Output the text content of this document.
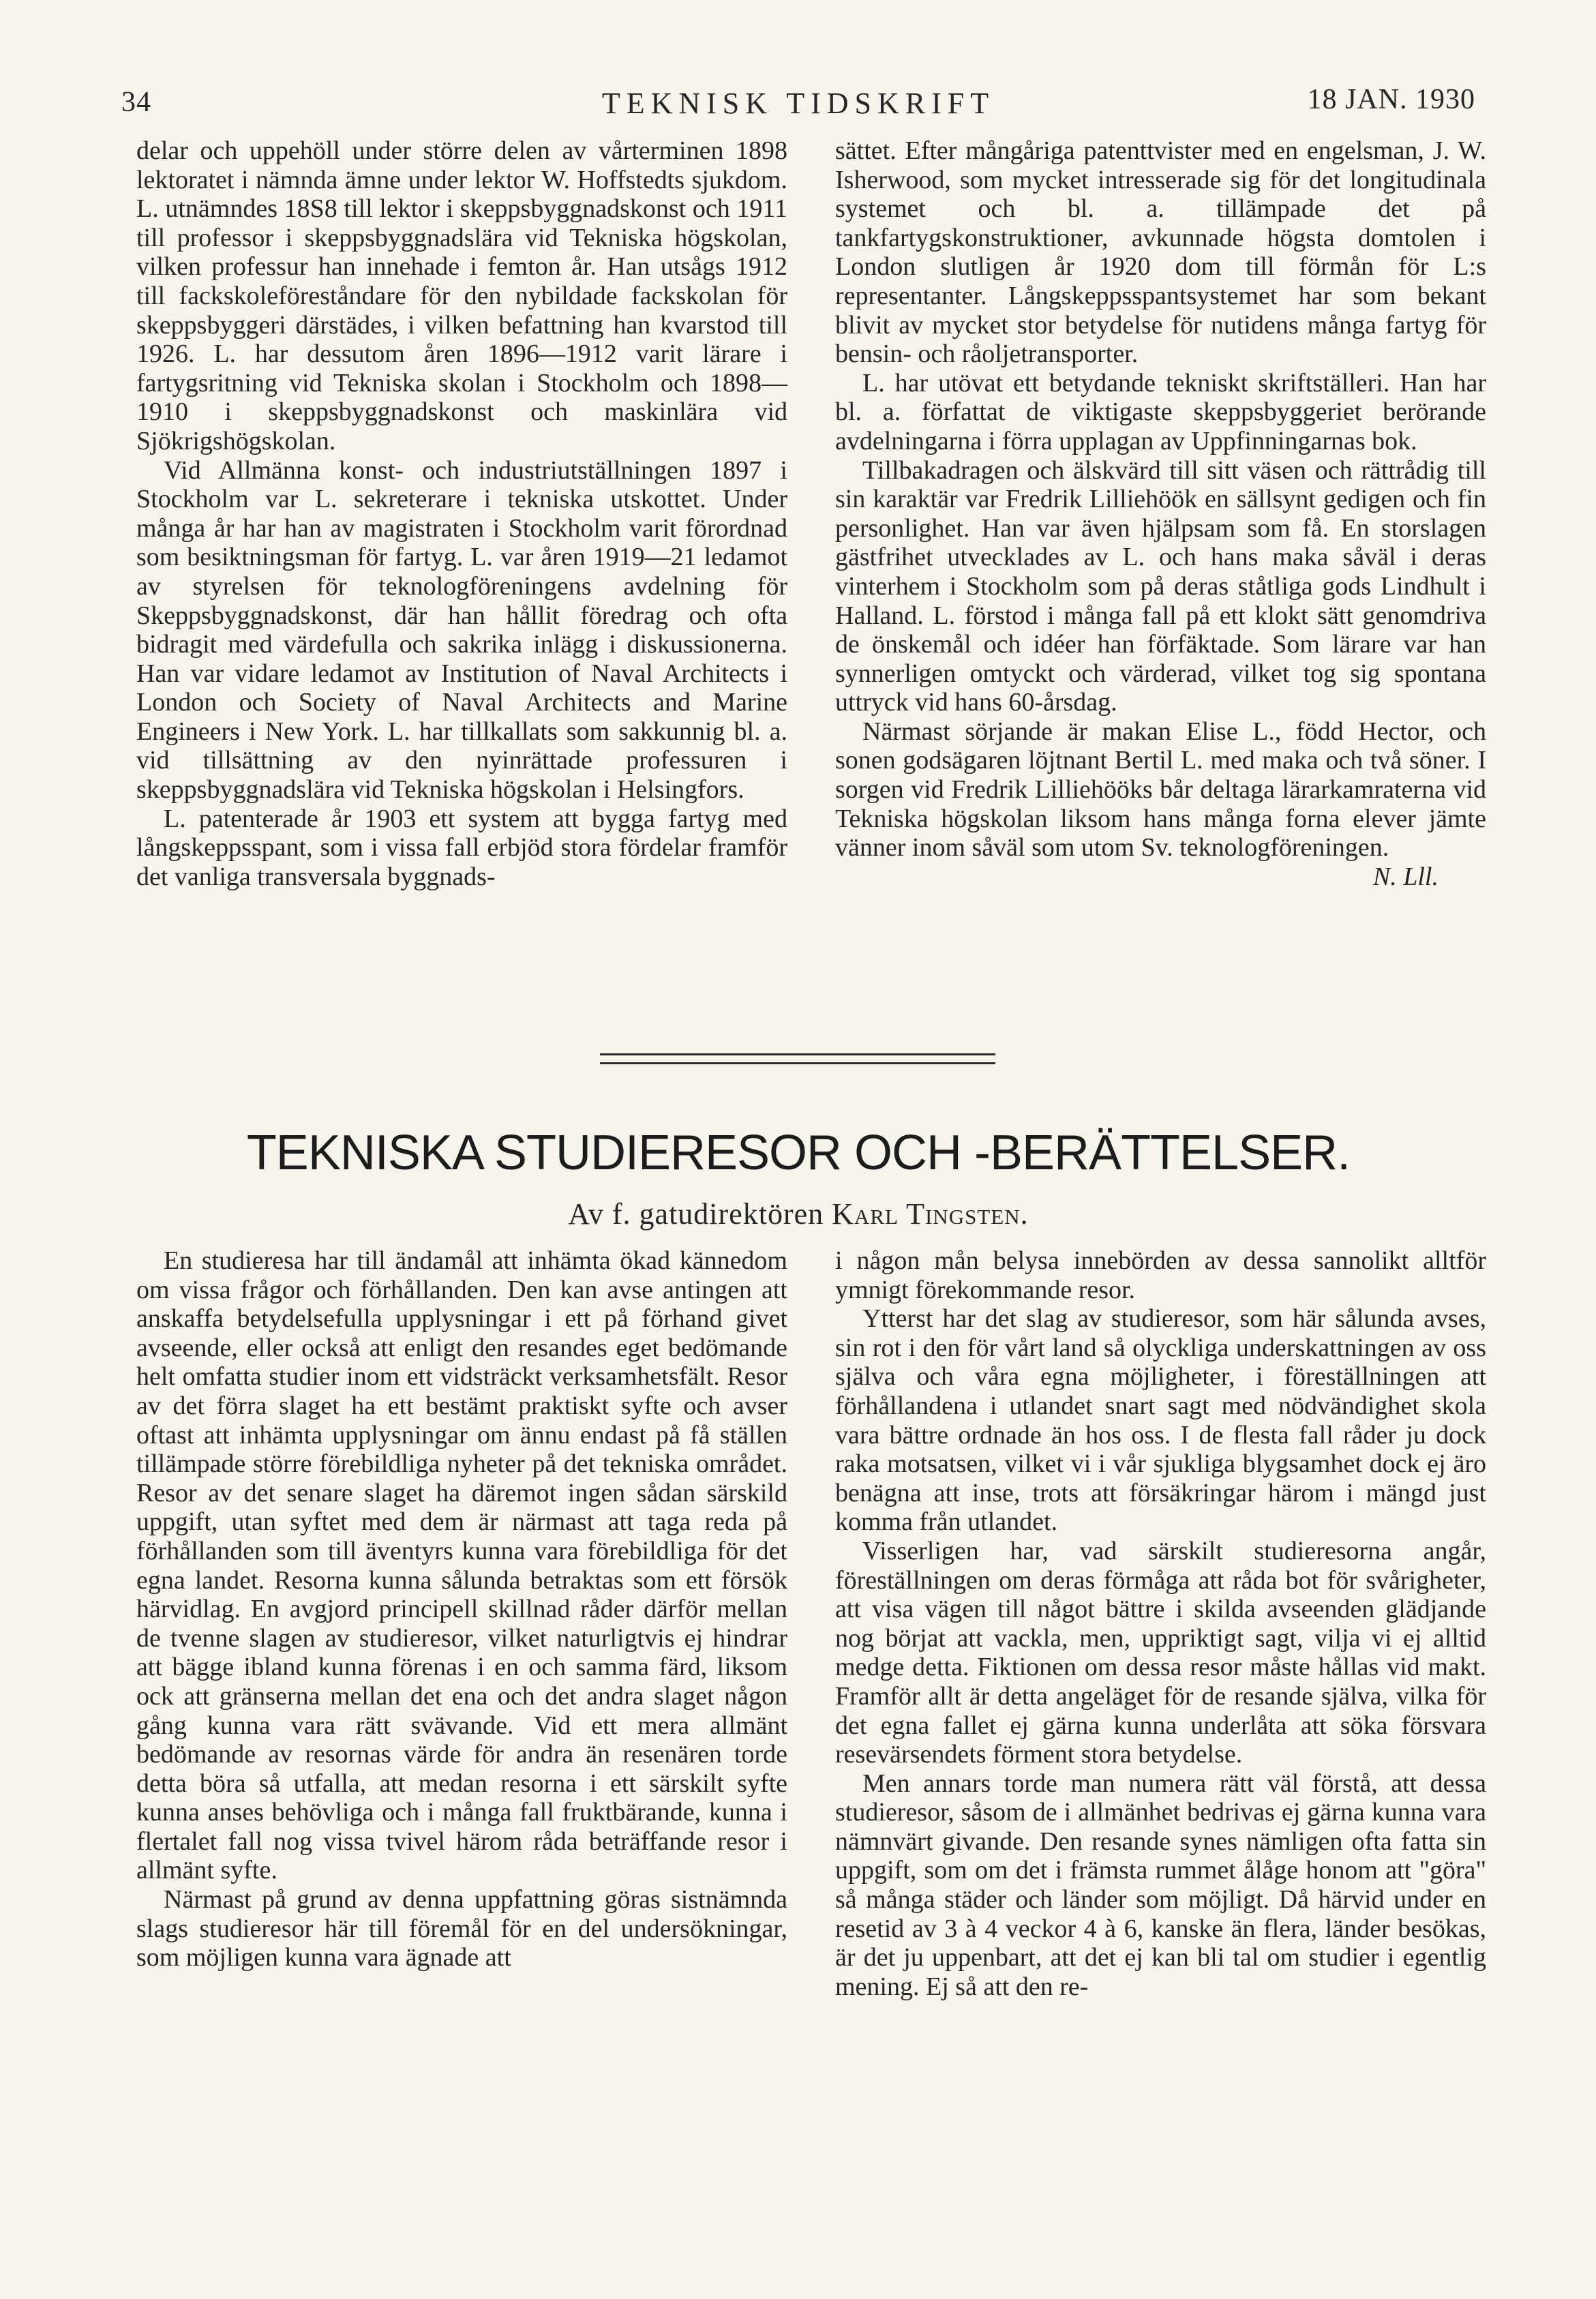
34	TEKNISK TIDSKRIFT	18 JAN. 1930

delar och uppehöll under större delen av vårterminen 1898 lektoratet i nämnda ämne under lektor W. Hoffstedts sjukdom. L. utnämndes 18S8 till lektor i skeppsbyggnadskonst och 1911 till professor i skeppsbyggnadslära vid Tekniska högskolan, vilken professur han innehade i femton år. Han utsågs 1912 till fackskoleföreståndare för den nybildade fackskolan för skeppsbyggeri därstädes, i vilken befattning han kvarstod till 1926. L. har dessutom åren 1896—1912 varit lärare i fartygsritning vid Tekniska skolan i Stockholm och 1898—1910 i skeppsbyggnadskonst och maskinlära vid Sjökrigshögskolan.

Vid Allmänna konst- och industriutställningen 1897 i Stockholm var L. sekreterare i tekniska utskottet. Under många år har han av magistraten i Stockholm varit förordnad som besiktningsman för fartyg. L. var åren 1919—21 ledamot av styrelsen för teknologföreningens avdelning för Skeppsbyggnadskonst, där han hållit föredrag och ofta bidragit med värdefulla och sakrika inlägg i diskussionerna. Han var vidare ledamot av Institution of Naval Architects i London och Society of Naval Architects and Marine Engineers i New York. L. har tillkallats som sakkunnig bl. a. vid tillsättning av den nyinrättade professuren i skeppsbyggnadslära vid Tekniska högskolan i Helsingfors.

L. patenterade år 1903 ett system att bygga fartyg med långskeppsspant, som i vissa fall erbjöd stora fördelar framför det vanliga transversala byggnads-

sättet. Efter mångåriga patenttvister med en engelsman, J. W. Isherwood, som mycket intresserade sig för det longitudinala systemet och bl. a. tillämpade det på tankfartygskonstruktioner, avkunnade högsta domtolen i London slutligen år 1920 dom till förmån för L:s representanter. Långskeppsspantsystemet har som bekant blivit av mycket stor betydelse för nutidens många fartyg för bensin- och råoljetransporter.

L. har utövat ett betydande tekniskt skriftställeri. Han har bl. a. författat de viktigaste skeppsbyggeriet berörande avdelningarna i förra upplagan av Uppfinningarnas bok.

Tillbakadragen och älskvärd till sitt väsen och rättrådig till sin karaktär var Fredrik Lilliehöök en sällsynt gedigen och fin personlighet. Han var även hjälpsam som få. En storslagen gästfrihet utvecklades av L. och hans maka såväl i deras vinterhem i Stockholm som på deras ståtliga gods Lindhult i Halland. L. förstod i många fall på ett klokt sätt genomdriva de önskemål och idéer han förfäktade. Som lärare var han synnerligen omtyckt och värderad, vilket tog sig spontana uttryck vid hans 60-årsdag.

Närmast sörjande är makan Elise L., född Hector, och sonen godsägaren löjtnant Bertil L. med maka och två söner. I sorgen vid Fredrik Lilliehööks bår deltaga lärarkamraterna vid Tekniska högskolan liksom hans många forna elever jämte vänner inom såväl som utom Sv. teknologföreningen.

N. Lll.

TEKNISKA STUDIERESOR OCH -BERÄTTELSER.
Av f. gatudirektören Karl Tingsten.

En studieresa har till ändamål att inhämta ökad kännedom om vissa frågor och förhållanden. Den kan avse antingen att anskaffa betydelsefulla upplysningar i ett på förhand givet avseende, eller också att enligt den resandes eget bedömande helt omfatta studier inom ett vidsträckt verksamhetsfält. Resor av det förra slaget ha ett bestämt praktiskt syfte och avser oftast att inhämta upplysningar om ännu endast på få ställen tillämpade större förebildliga nyheter på det tekniska området. Resor av det senare slaget ha däremot ingen sådan särskild uppgift, utan syftet med dem är närmast att taga reda på förhållanden som till äventyrs kunna vara förebildliga för det egna landet. Resorna kunna sålunda betraktas som ett försök härvidlag. En avgjord principell skillnad råder därför mellan de tvenne slagen av studieresor, vilket naturligtvis ej hindrar att bägge ibland kunna förenas i en och samma färd, liksom ock att gränserna mellan det ena och det andra slaget någon gång kunna vara rätt svävande. Vid ett mera allmänt bedömande av resornas värde för andra än resenären torde detta böra så utfalla, att medan resorna i ett särskilt syfte kunna anses behövliga och i många fall fruktbärande, kunna i flertalet fall nog vissa tvivel härom råda beträffande resor i allmänt syfte.

Närmast på grund av denna uppfattning göras sistnämnda slags studieresor här till föremål för en del undersökningar, som möjligen kunna vara ägnade att

i någon mån belysa innebörden av dessa sannolikt alltför ymnigt förekommande resor.

Ytterst har det slag av studieresor, som här sålunda avses, sin rot i den för vårt land så olyckliga underskattningen av oss själva och våra egna möjligheter, i föreställningen att förhållandena i utlandet snart sagt med nödvändighet skola vara bättre ordnade än hos oss. I de flesta fall råder ju dock raka motsatsen, vilket vi i vår sjukliga blygsamhet dock ej äro benägna att inse, trots att försäkringar härom i mängd just komma från utlandet.

Visserligen har, vad särskilt studieresorna angår, föreställningen om deras förmåga att råda bot för svårigheter, att visa vägen till något bättre i skilda avseenden glädjande nog börjat att vackla, men, uppriktigt sagt, vilja vi ej alltid medge detta. Fiktionen om dessa resor måste hållas vid makt. Framför allt är detta angeläget för de resande själva, vilka för det egna fallet ej gärna kunna underlåta att söka försvara resevärsendets förment stora betydelse.

Men annars torde man numera rätt väl förstå, att dessa studieresor, såsom de i allmänhet bedrivas ej gärna kunna vara nämnvärt givande. Den resande synes nämligen ofta fatta sin uppgift, som om det i främsta rummet ålåge honom att "göra" så många städer och länder som möjligt. Då härvid under en resetid av 3 à 4 veckor 4 à 6, kanske än flera, länder besökas, är det ju uppenbart, att det ej kan bli tal om studier i egentlig mening. Ej så att den re-
